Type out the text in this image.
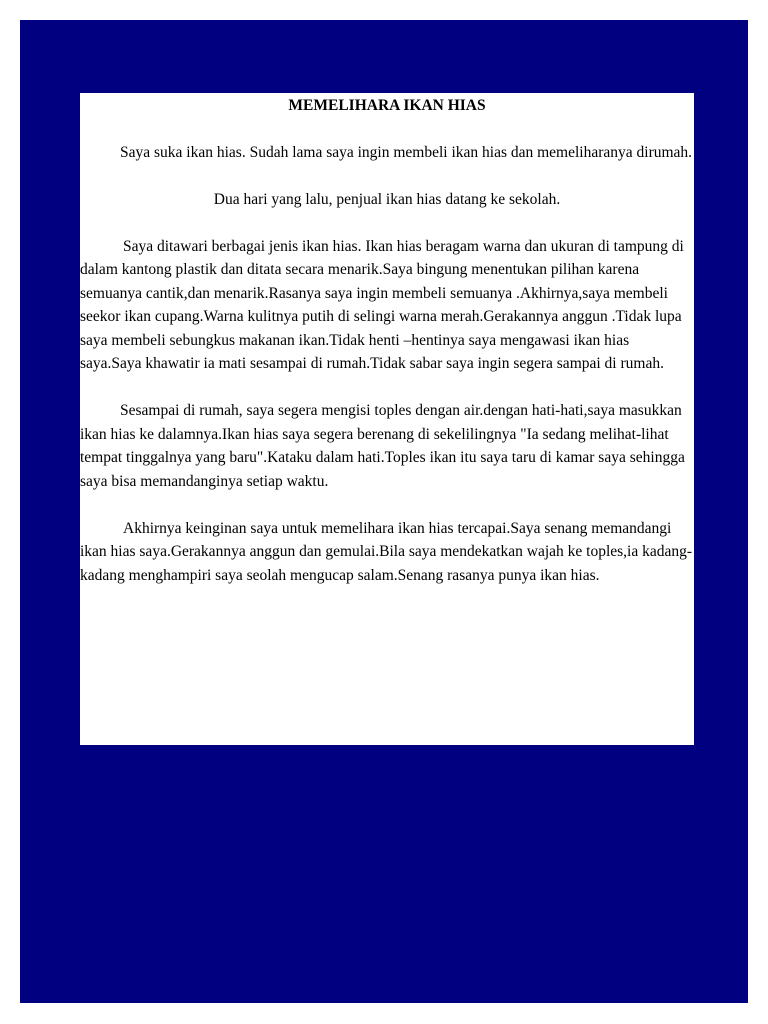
MEMELIHARA IKAN HIAS

Saya suka ikan hias. Sudah lama saya ingin membeli ikan hias dan memeliharanya dirumah.

Dua hari yang lalu, penjual ikan hias datang ke sekolah.

Saya ditawari berbagai jenis ikan hias. Ikan hias beragam warna dan ukuran di tampung di dalam kantong plastik dan ditata secara menarik.Saya bingung menentukan pilihan karena semuanya cantik,dan menarik.Rasanya saya ingin membeli semuanya .Akhirnya,saya membeli seekor ikan cupang.Warna kulitnya putih di selingi warna merah.Gerakannya anggun .Tidak lupa saya membeli sebungkus makanan ikan.Tidak henti –hentinya saya mengawasi ikan hias saya.Saya khawatir ia mati sesampai di rumah.Tidak sabar saya ingin segera sampai di rumah.

Sesampai di rumah, saya segera mengisi toples dengan air.dengan hati-hati,saya masukkan ikan hias ke dalamnya.Ikan hias saya segera berenang di sekelilingnya "Ia sedang melihat-lihat tempat tinggalnya yang baru".Kataku dalam hati.Toples ikan itu saya taru di kamar saya sehingga saya bisa memandanginya setiap waktu.

Akhirnya keinginan saya untuk memelihara ikan hias tercapai.Saya senang memandangi ikan hias saya.Gerakannya anggun dan gemulai.Bila saya mendekatkan wajah ke toples,ia kadang-kadang menghampiri saya seolah mengucap salam.Senang rasanya punya ikan hias.
